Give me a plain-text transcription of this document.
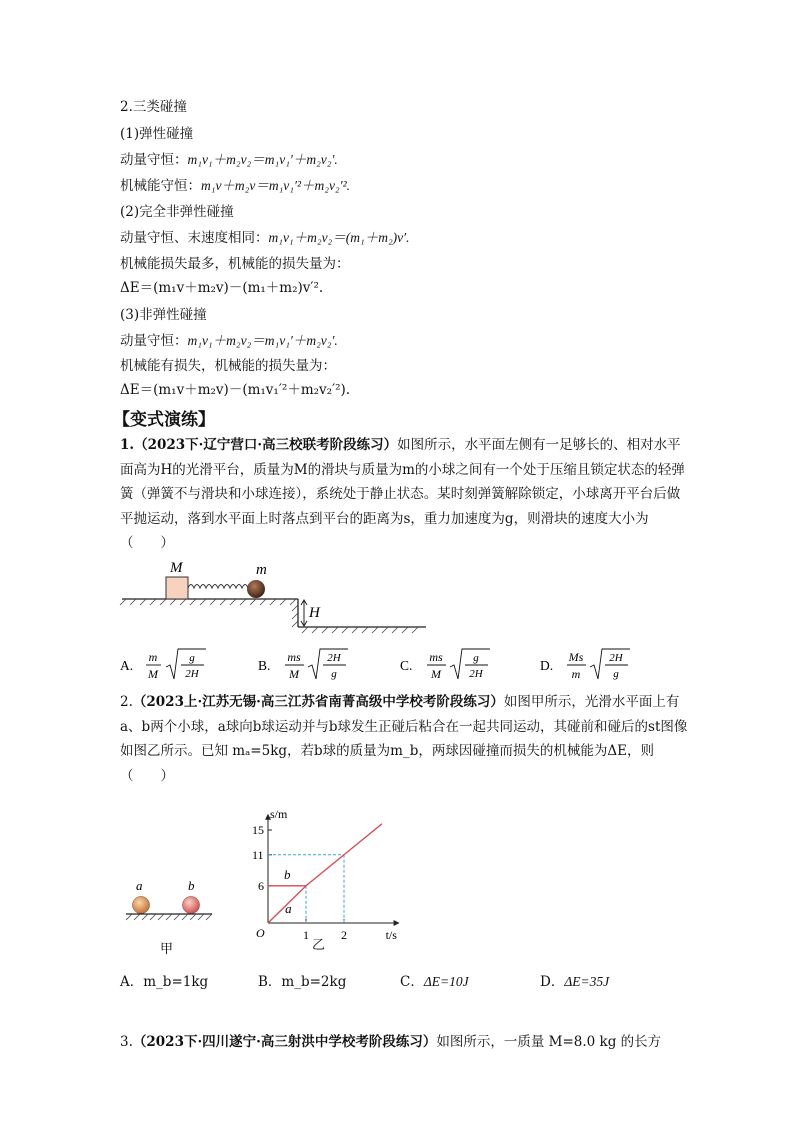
2.三类碰撞
(1)弹性碰撞
动量守恒：m₁v₁＋m₂v₂＝m₁v₁′＋m₂v₂′.
机械能守恒：m₁v＋m₂v＝m₁v₁′²＋m₂v₂′².
(2)完全非弹性碰撞
动量守恒、末速度相同：m₁v₁＋m₂v₂＝(m₁＋m₂)v′.
机械能损失最多，机械能的损失量为：
ΔE＝(m₁v＋m₂v)－(m₁＋m₂)v′².
(3)非弹性碰撞
动量守恒：m₁v₁＋m₂v₂＝m₁v₁′＋m₂v₂′.
机械能有损失，机械能的损失量为：
ΔE＝(m₁v＋m₂v)－(m₁v₁′²＋m₂v₂′²).
【变式演练】
1.（2023下·辽宁营口·高三校联考阶段练习）如图所示，水平面左侧有一足够长的、相对水平面高为H的光滑平台，质量为M的滑块与质量为m的小球之间有一个处于压缩且锁定状态的轻弹簧（弹簧不与滑块和小球连接），系统处于静止状态。某时刻弹簧解除锁定，小球离开平台后做平抛运动，落到水平面上时落点到平台的距离为s，重力加速度为g，则滑块的速度大小为（　　）
M	m
H
A.
m
M
g
2H
B.
ms
M
2H
g
C.
ms
M
g
2H
D.
Ms
m
2H
g
2.（2023上·江苏无锡·高三江苏省南菁高级中学校考阶段练习）如图甲所示，光滑水平面上有a、b两个小球，a球向b球运动并与b球发生正碰后粘合在一起共同运动，其碰前和碰后的st图像如图乙所示。已知 mₐ=5kg，若b球的质量为m_b，两球因碰撞而损失的机械能为ΔE，则（　　）
a	b
甲
s/m
t/s
O	1	2
6
11
15
a
b
乙
A．m_b=1kg	B．m_b=2kg	C．ΔE=10J	D．ΔE=35J
3.（2023下·四川遂宁·高三射洪中学校考阶段练习）如图所示，一质量 M=8.0 kg 的长方
